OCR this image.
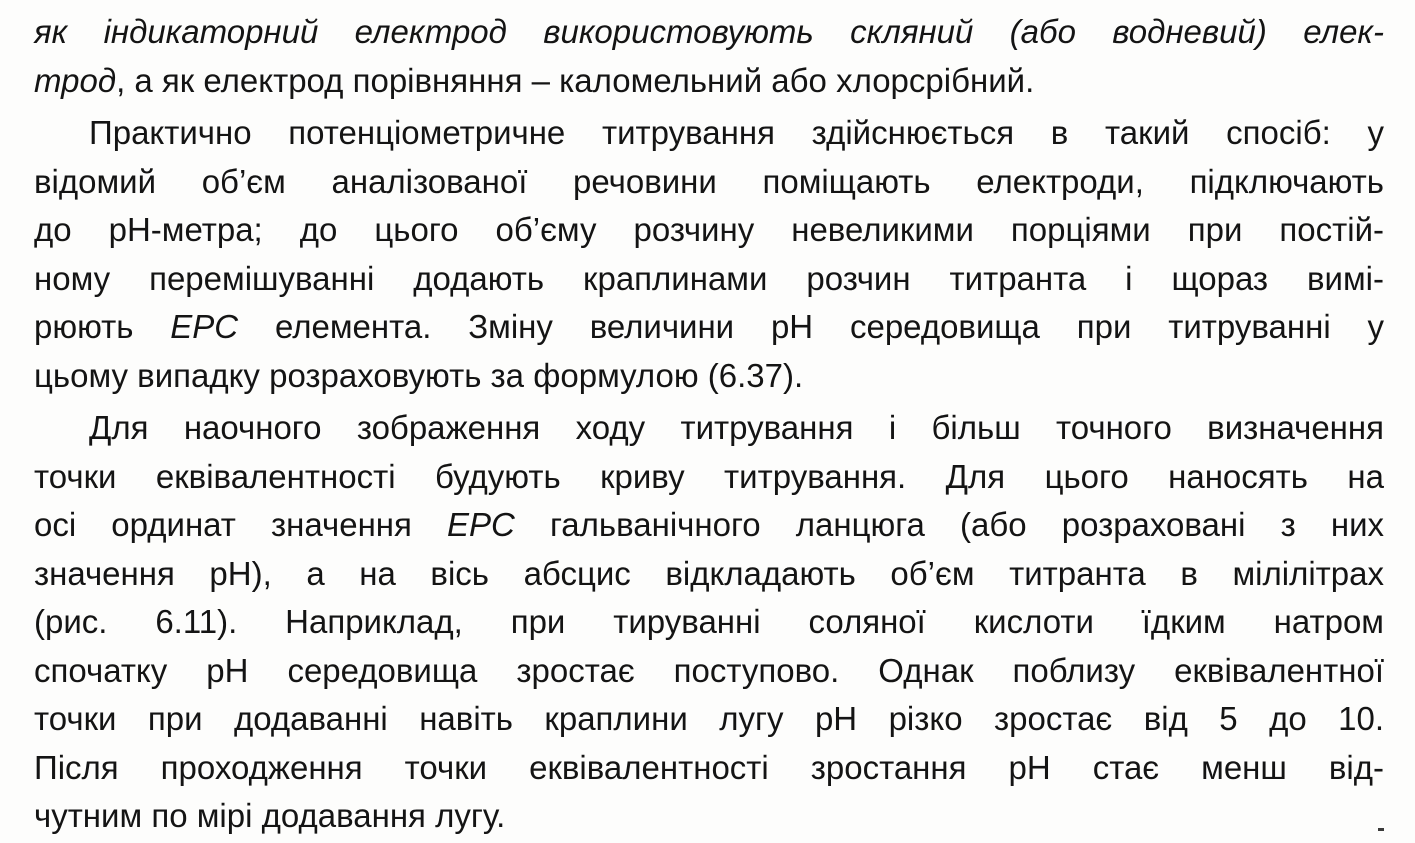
як індикаторний електрод використовують скляний (або водневий) елек-
трод, а як електрод порівняння – каломельний або хлорсрібний.
Практично потенціометричне титрування здійснюється в такий спосіб: у
відомий об’єм аналізованої речовини поміщають електроди, підключають
до pH-метра; до цього об’єму розчину невеликими порціями при постій-
ному перемішуванні додають краплинами розчин титранта і щораз вимі-
рюють ЕРС елемента. Зміну величини pH середовища при титруванні у
цьому випадку розраховують за формулою (6.37).
Для наочного зображення ходу титрування і більш точного визначення
точки еквівалентності будують криву титрування. Для цього наносять на
осі ординат значення ЕРС гальванічного ланцюга (або розраховані з них
значення pH), а на вісь абсцис відкладають об’єм титранта в мілілітрах
(рис. 6.11). Наприклад, при тируванні соляної кислоти їдким натром
спочатку pH середовища зростає поступово. Однак поблизу еквівалентної
точки при додаванні навіть краплини лугу pH різко зростає від 5 до 10.
Після проходження точки еквівалентності зростання pH стає менш від-
чутним по мірі додавання лугу.
